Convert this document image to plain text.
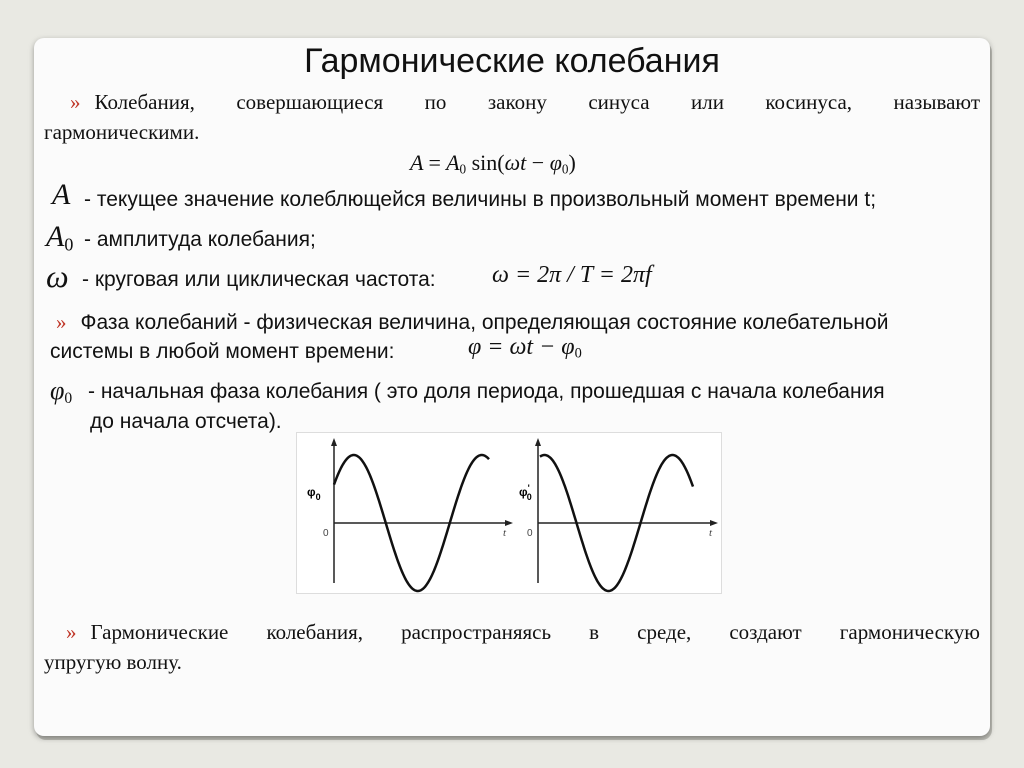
Гармонические колебания
» Колебания, совершающиеся по закону синуса или косинуса, называют
гармоническими.
$A = A_0$ $\sin(\omega t - \varphi_0)$
A - текущее значение колеблющейся величины в произвольный момент времени t;
$A_0$ - амплитуда колебания;
ω - круговая или циклическая частота: ω = 2π / T = 2πf
» Фаза колебаний - физическая величина, определяющая состояние колебательной
системы в любой момент времени:	$\varphi = \omega t - \varphi_0$
$\varphi_0$ - начальная фаза колебания ( это доля периода, прошедшая с начала колебания
до начала отсчета).
$\varphi_0$
0	t
φ' 0
0	t
» Гармонические колебания, распространяясь в среде, создают гармоническую
упругую волну.
